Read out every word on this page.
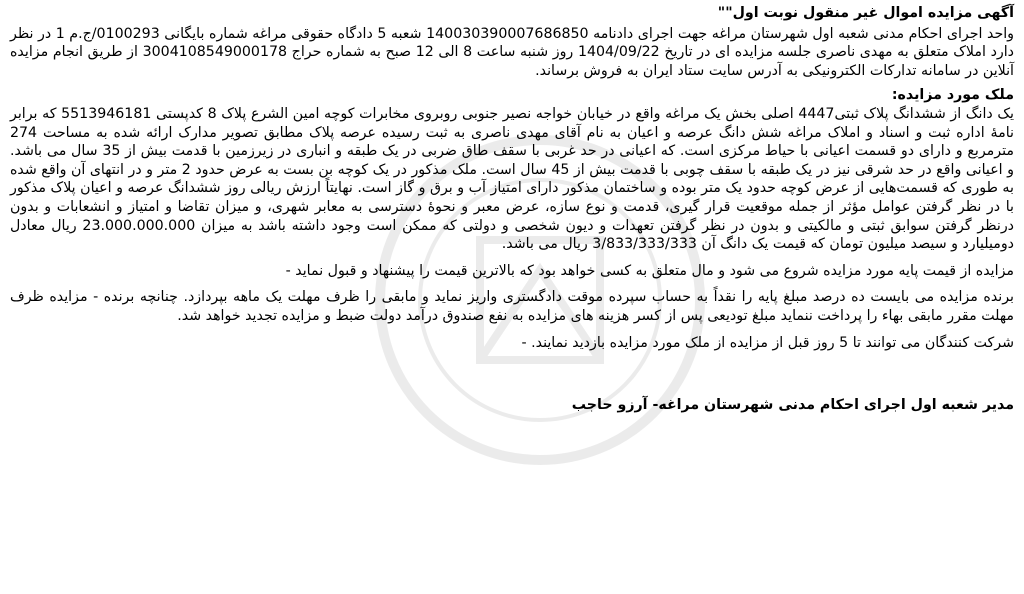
آگهی مزایده اموال غیر منقول نوبت اول""

واحد اجرای احکام مدنی شعبه اول شهرستان مراغه جهت اجرای دادنامه 140030390007686850 شعبه 5 دادگاه حقوقی مراغه شماره بایگانی 0100293/ج.م 1 در نظر دارد املاک متعلق به مهدی ناصری جلسه مزایده ای در تاریخ 1404/09/22 روز شنبه ساعت 8 الی 12 صبح به شماره حراج 3004108549000178 از طریق انجام مزایده آنلاین در سامانه تدارکات الکترونیکی به آدرس سایت ستاد ایران به فروش برساند.

ملک مورد مزایده:

یک دانگ از ششدانگ پلاک ثبتی4447 اصلی بخش یک مراغه واقع در خیابان خواجه نصیر جنوبی روبروی مخابرات کوچه امین الشرع پلاک 8 کدپستی 5513946181 که برابر نامهٔ اداره ثبت و اسناد و املاک مراغه شش دانگ عرصه و اعیان به نام آقای مهدی ناصری به ثبت رسیده عرصه پلاک مطابق تصویر مدارک ارائه شده به مساحت 274 مترمربع و دارای دو قسمت اعیانی با حیاط مرکزی است. که اعیانی در حد غربی با سقف طاق ضربی در یک طبقه و انباری در زیرزمین با قدمت بیش از 35 سال می باشد. و اعیانی واقع در حد شرقی نیز در یک طبقه با سقف چوبی با قدمت بیش از 45 سال است. ملک مذکور در یک کوچه بن بست به عرض حدود 2 متر و در انتهای آن واقع شده به طوری که قسمت‌هایی از عرض کوچه حدود یک متر بوده و ساختمان مذکور دارای امتیاز آب و برق و گاز است. نهایتاً ارزش ریالی روز ششدانگ عرصه و اعیان پلاک مذکور با در نظر گرفتن عوامل مؤثر از جمله موقعیت قرار گیری، قدمت و نوع سازه، عرض معبر و نحوهٔ دسترسی به معابر شهری، و میزان تقاضا و امتیاز و انشعابات و بدون درنظر گرفتن سوابق ثبتی و مالکیتی و بدون در نظر گرفتن تعهدات و دیون شخصی و دولتی که ممکن است وجود داشته باشد به میزان 23.000.000.000 ریال معادل دومیلیارد و سیصد میلیون تومان که قیمت یک دانگ آن 3/833/333/333 ریال می باشد.

مزایده از قیمت پایه مورد مزایده شروع می شود و مال متعلق به کسی خواهد بود که بالاترین قیمت را پیشنهاد و قبول نماید -

برنده مزایده می بایست ده درصد مبلغ پایه را نقداً به حساب سپرده موقت دادگستری واریز نماید و مابقی را ظرف مهلت یک ماهه بپردازد. چنانچه برنده - مزایده ظرف مهلت مقرر مابقی بهاء را پرداخت ننماید مبلغ تودیعی پس از کسر هزینه های مزایده به نفع صندوق درآمد دولت ضبط و مزایده تجدید خواهد شد.

شرکت کنندگان می توانند تا 5 روز قبل از مزایده از ملک مورد مزایده بازدید نمایند. -

مدیر شعبه اول اجرای احکام مدنی شهرستان مراغه- آرزو حاجب
